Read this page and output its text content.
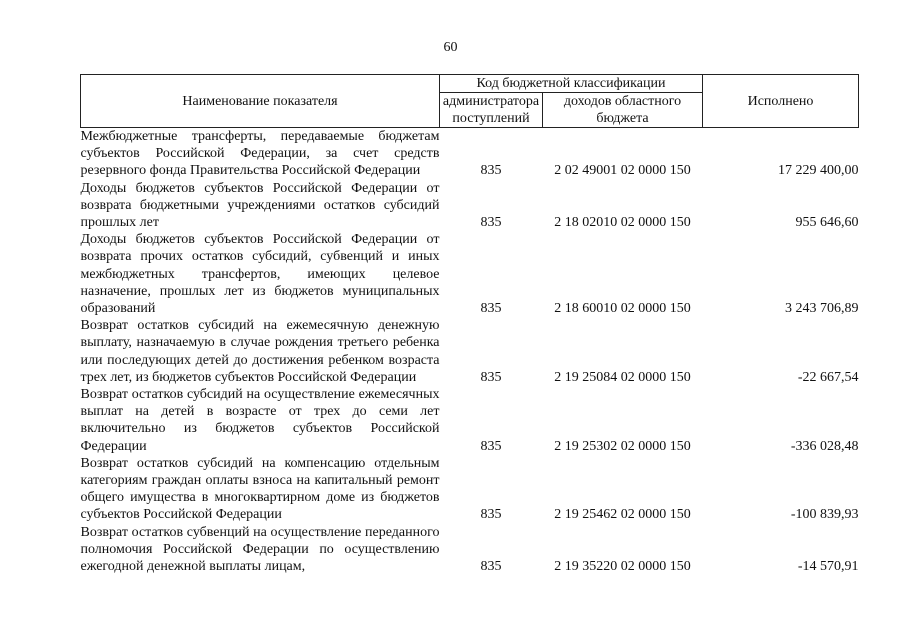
60
Наименование показателя	Код бюджетной классификации		Исполнено
	администратора поступлений	доходов областного бюджета	
Межбюджетные трансферты, передаваемые бюджетам субъектов Российской Федерации, за счет средств резервного фонда Правительства Российской Федерации	835	2 02 49001 02 0000 150	17 229 400,00
Доходы бюджетов субъектов Российской Федерации от возврата бюджетными учреждениями остатков субсидий прошлых лет	835	2 18 02010 02 0000 150	955 646,60
Доходы бюджетов субъектов Российской Федерации от возврата прочих остатков субсидий, субвенций и иных межбюджетных трансфертов, имеющих целевое назначение, прошлых лет из бюджетов муниципальных образований	835	2 18 60010 02 0000 150	3 243 706,89
Возврат остатков субсидий на ежемесячную денежную выплату, назначаемую в случае рождения третьего ребенка или последующих детей до достижения ребенком возраста трех лет, из бюджетов субъектов Российской Федерации	835	2 19 25084 02 0000 150	-22 667,54
Возврат остатков субсидий на осуществление ежемесячных выплат на детей в возрасте от трех до семи лет включительно из бюджетов субъектов Российской Федерации	835	2 19 25302 02 0000 150	-336 028,48
Возврат остатков субсидий на компенсацию отдельным категориям граждан оплаты взноса на капитальный ремонт общего имущества в многоквартирном доме из бюджетов субъектов Российской Федерации	835	2 19 25462 02 0000 150	-100 839,93
Возврат остатков субвенций на осуществление переданного полномочия Российской Федерации по осуществлению ежегодной денежной выплаты лицам,	835	2 19 35220 02 0000 150	-14 570,91
